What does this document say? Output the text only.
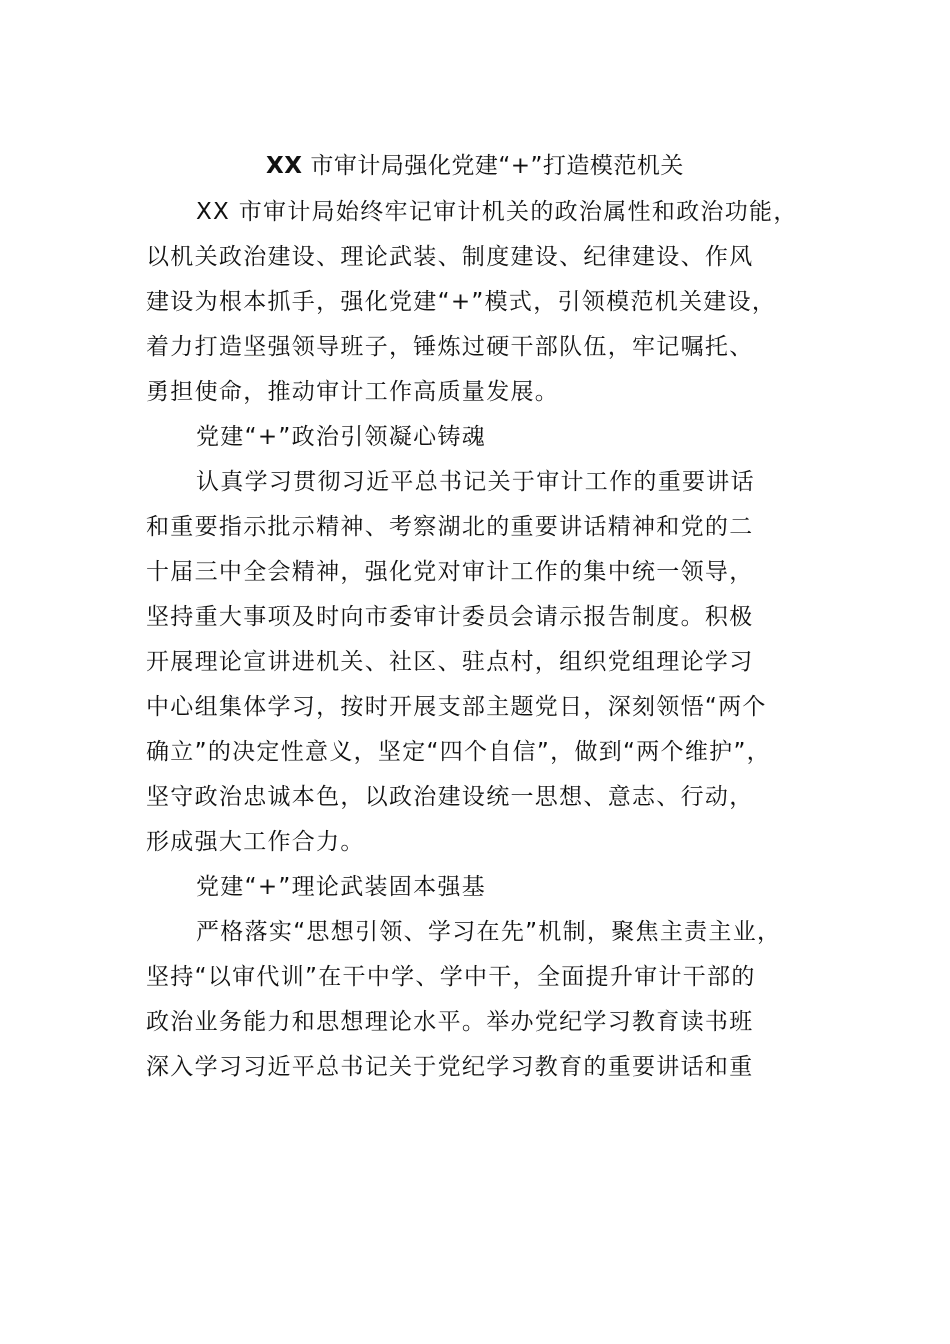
XX 市审计局强化党建“+”打造模范机关
XX 市审计局始终牢记审计机关的政治属性和政治功能，
以机关政治建设、理论武装、制度建设、纪律建设、作风
建设为根本抓手，强化党建“+”模式，引领模范机关建设，
着力打造坚强领导班子，锤炼过硬干部队伍，牢记嘱托、
勇担使命，推动审计工作高质量发展。
党建“+”政治引领凝心铸魂
认真学习贯彻习近平总书记关于审计工作的重要讲话
和重要指示批示精神、考察湖北的重要讲话精神和党的二
十届三中全会精神，强化党对审计工作的集中统一领导，
坚持重大事项及时向市委审计委员会请示报告制度。积极
开展理论宣讲进机关、社区、驻点村，组织党组理论学习
中心组集体学习，按时开展支部主题党日，深刻领悟“两个
确立”的决定性意义，坚定“四个自信”，做到“两个维护”，
坚守政治忠诚本色，以政治建设统一思想、意志、行动，
形成强大工作合力。
党建“+”理论武装固本强基
严格落实“思想引领、学习在先”机制，聚焦主责主业，
坚持“以审代训”在干中学、学中干，全面提升审计干部的
政治业务能力和思想理论水平。举办党纪学习教育读书班
深入学习习近平总书记关于党纪学习教育的重要讲话和重
